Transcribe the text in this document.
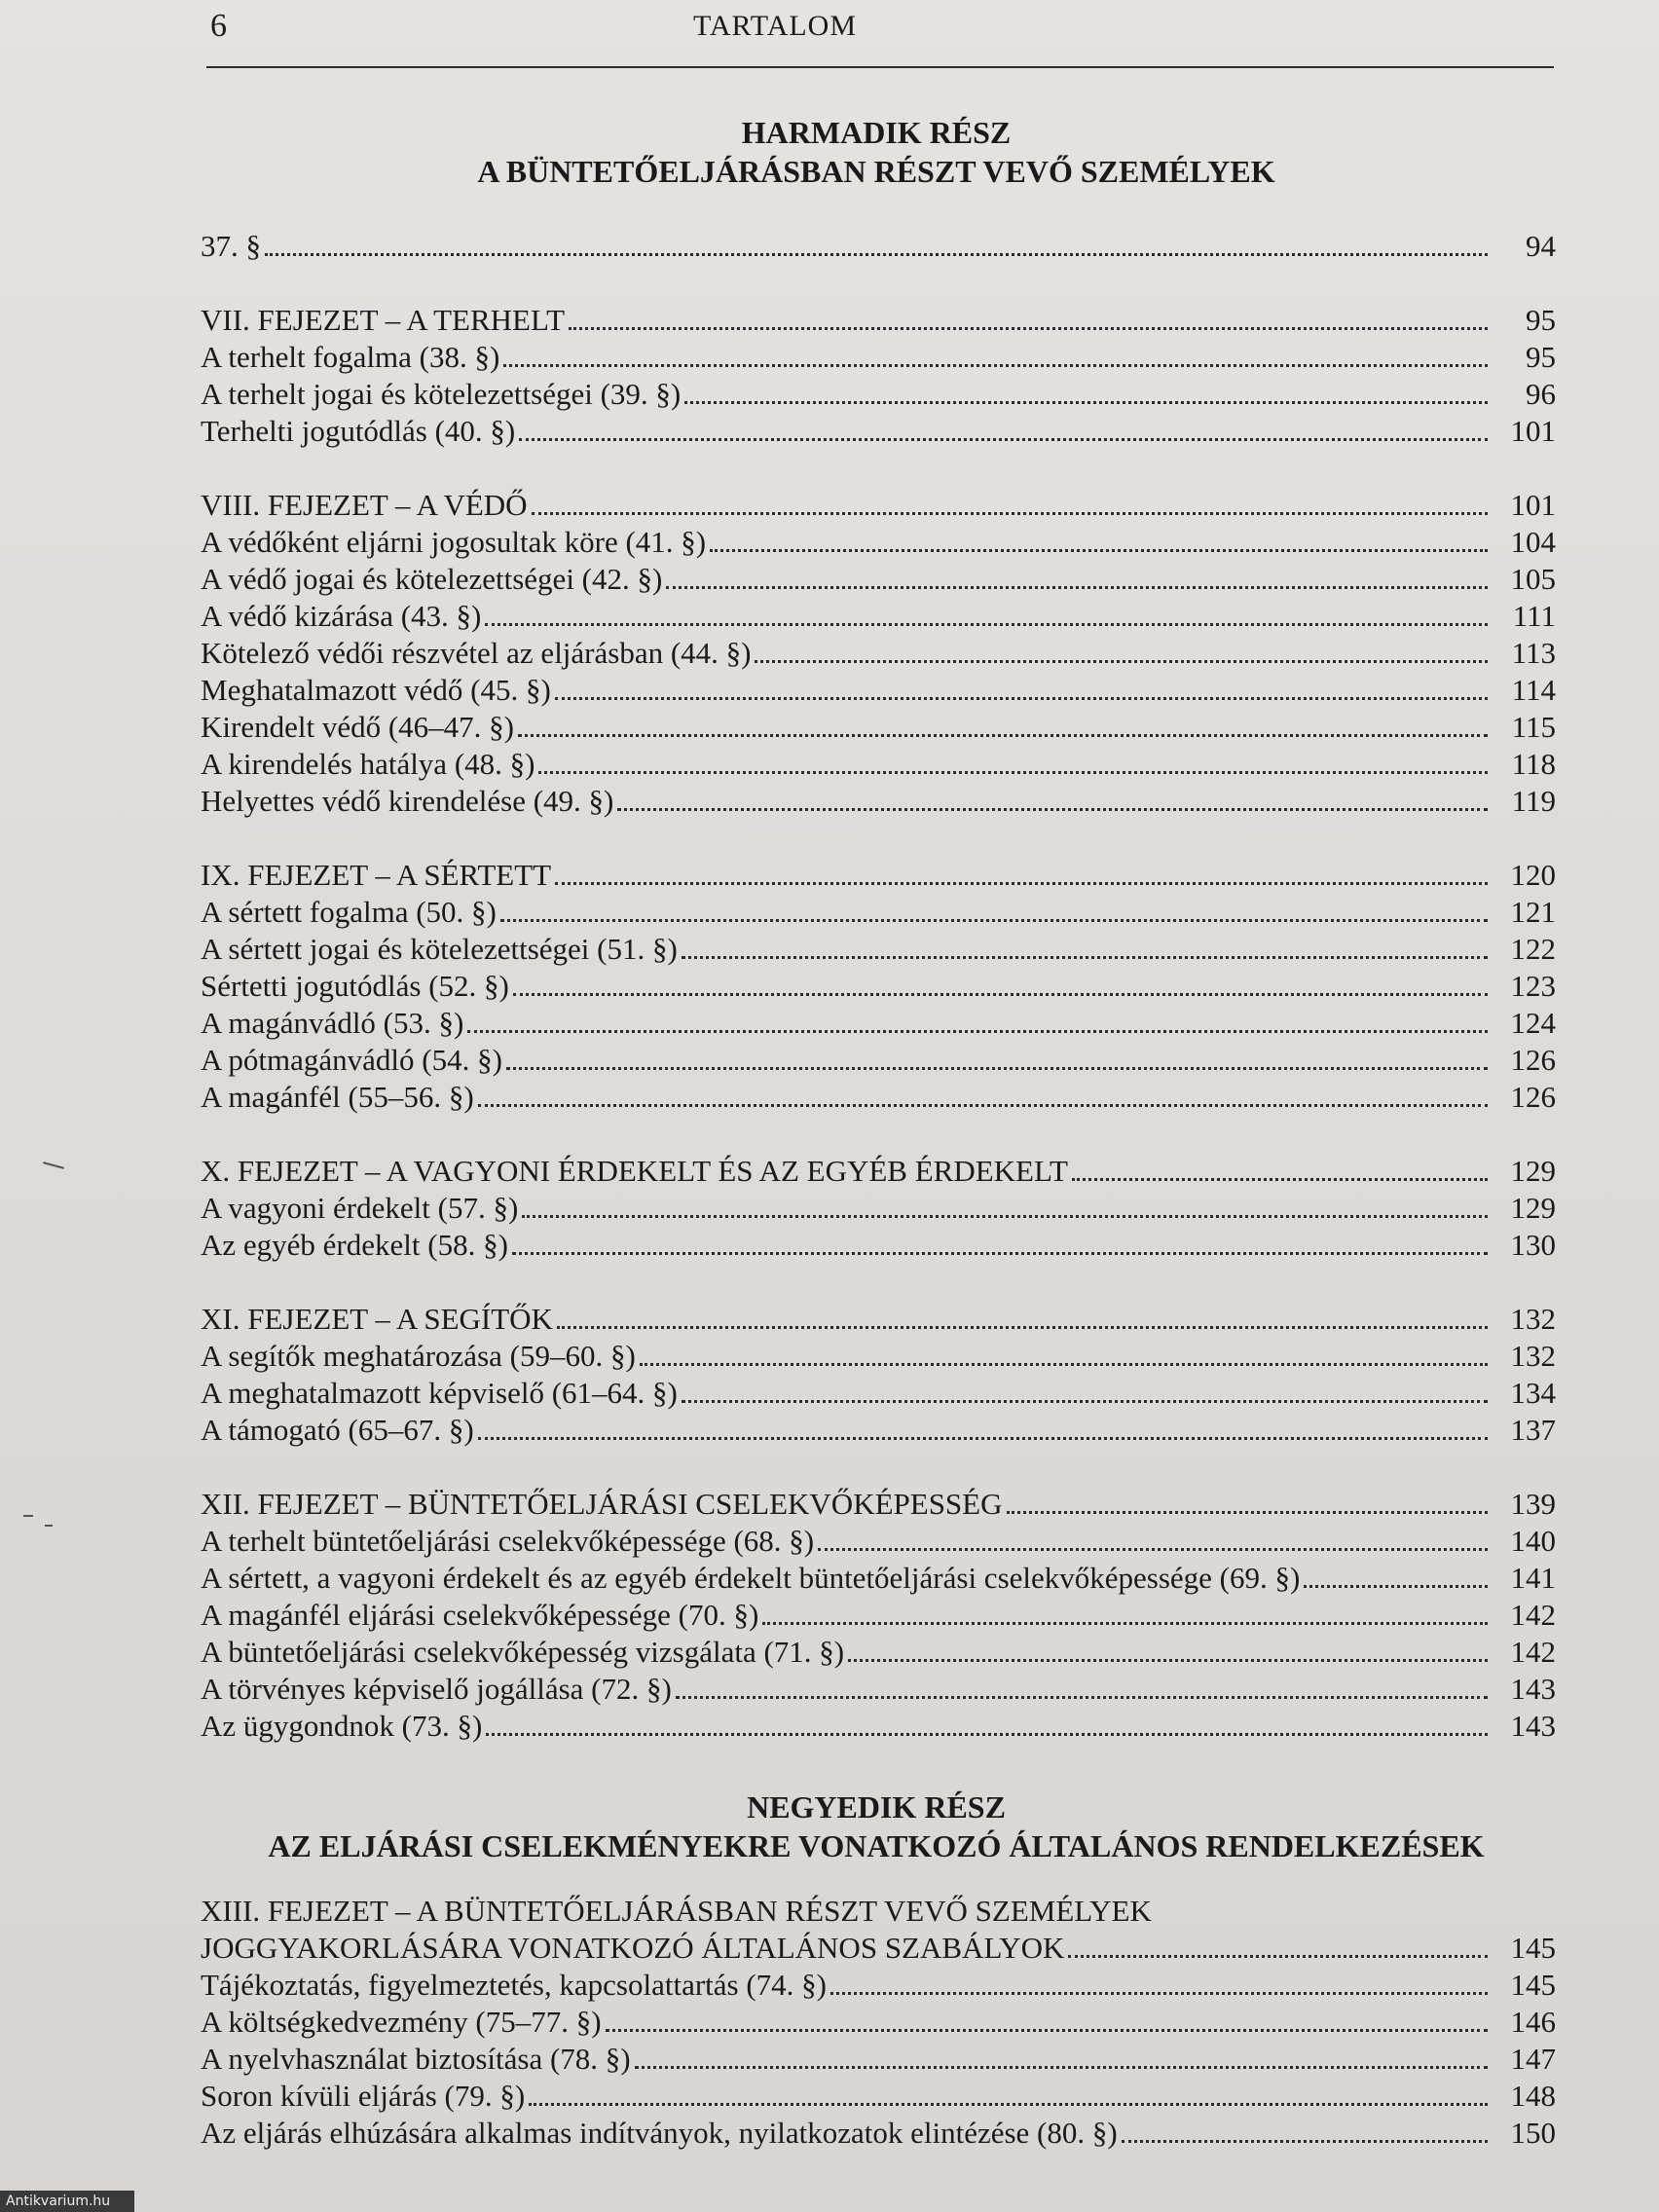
6	TARTALOM
HARMADIK RÉSZ
A BÜNTETŐELJÁRÁSBAN RÉSZT VEVŐ SZEMÉLYEK
NEGYEDIK RÉSZ
AZ ELJÁRÁSI CSELEKMÉNYEKRE VONATKOZÓ ÁLTALÁNOS RENDELKEZÉSEK
37. §	94
VII. FEJEZET – A TERHELT	95
A terhelt fogalma (38. §)	95
A terhelt jogai és kötelezettségei (39. §)	96
Terhelti jogutódlás (40. §)	101
VIII. FEJEZET – A VÉDŐ	101
A védőként eljárni jogosultak köre (41. §)	104
A védő jogai és kötelezettségei (42. §)	105
A védő kizárása (43. §)	111
Kötelező védői részvétel az eljárásban (44. §)	113
Meghatalmazott védő (45. §)	114
Kirendelt védő (46–47. §)	115
A kirendelés hatálya (48. §)	118
Helyettes védő kirendelése (49. §)	119
IX. FEJEZET – A SÉRTETT	120
A sértett fogalma (50. §)	121
A sértett jogai és kötelezettségei (51. §)	122
Sértetti jogutódlás (52. §)	123
A magánvádló (53. §)	124
A pótmagánvádló (54. §)	126
A magánfél (55–56. §)	126
X. FEJEZET – A VAGYONI ÉRDEKELT ÉS AZ EGYÉB ÉRDEKELT	129
A vagyoni érdekelt (57. §)	129
Az egyéb érdekelt (58. §)	130
XI. FEJEZET – A SEGÍTŐK	132
A segítők meghatározása (59–60. §)	132
A meghatalmazott képviselő (61–64. §)	134
A támogató (65–67. §)	137
XII. FEJEZET – BÜNTETŐELJÁRÁSI CSELEKVŐKÉPESSÉG	139
A terhelt büntetőeljárási cselekvőképessége (68. §)	140
A sértett, a vagyoni érdekelt és az egyéb érdekelt büntetőeljárási cselekvőképessége (69. §)	141
A magánfél eljárási cselekvőképessége (70. §)	142
A büntetőeljárási cselekvőképesség vizsgálata (71. §)	142
A törvényes képviselő jogállása (72. §)	143
Az ügygondnok (73. §)	143
XIII. FEJEZET – A BÜNTETŐELJÁRÁSBAN RÉSZT VEVŐ SZEMÉLYEK
JOGGYAKORLÁSÁRA VONATKOZÓ ÁLTALÁNOS SZABÁLYOK	145
Tájékoztatás, figyelmeztetés, kapcsolattartás (74. §)	145
A költségkedvezmény (75–77. §)	146
A nyelvhasználat biztosítása (78. §)	147
Soron kívüli eljárás (79. §)	148
Az eljárás elhúzására alkalmas indítványok, nyilatkozatok elintézése (80. §)	150
Antikvarium.hu
